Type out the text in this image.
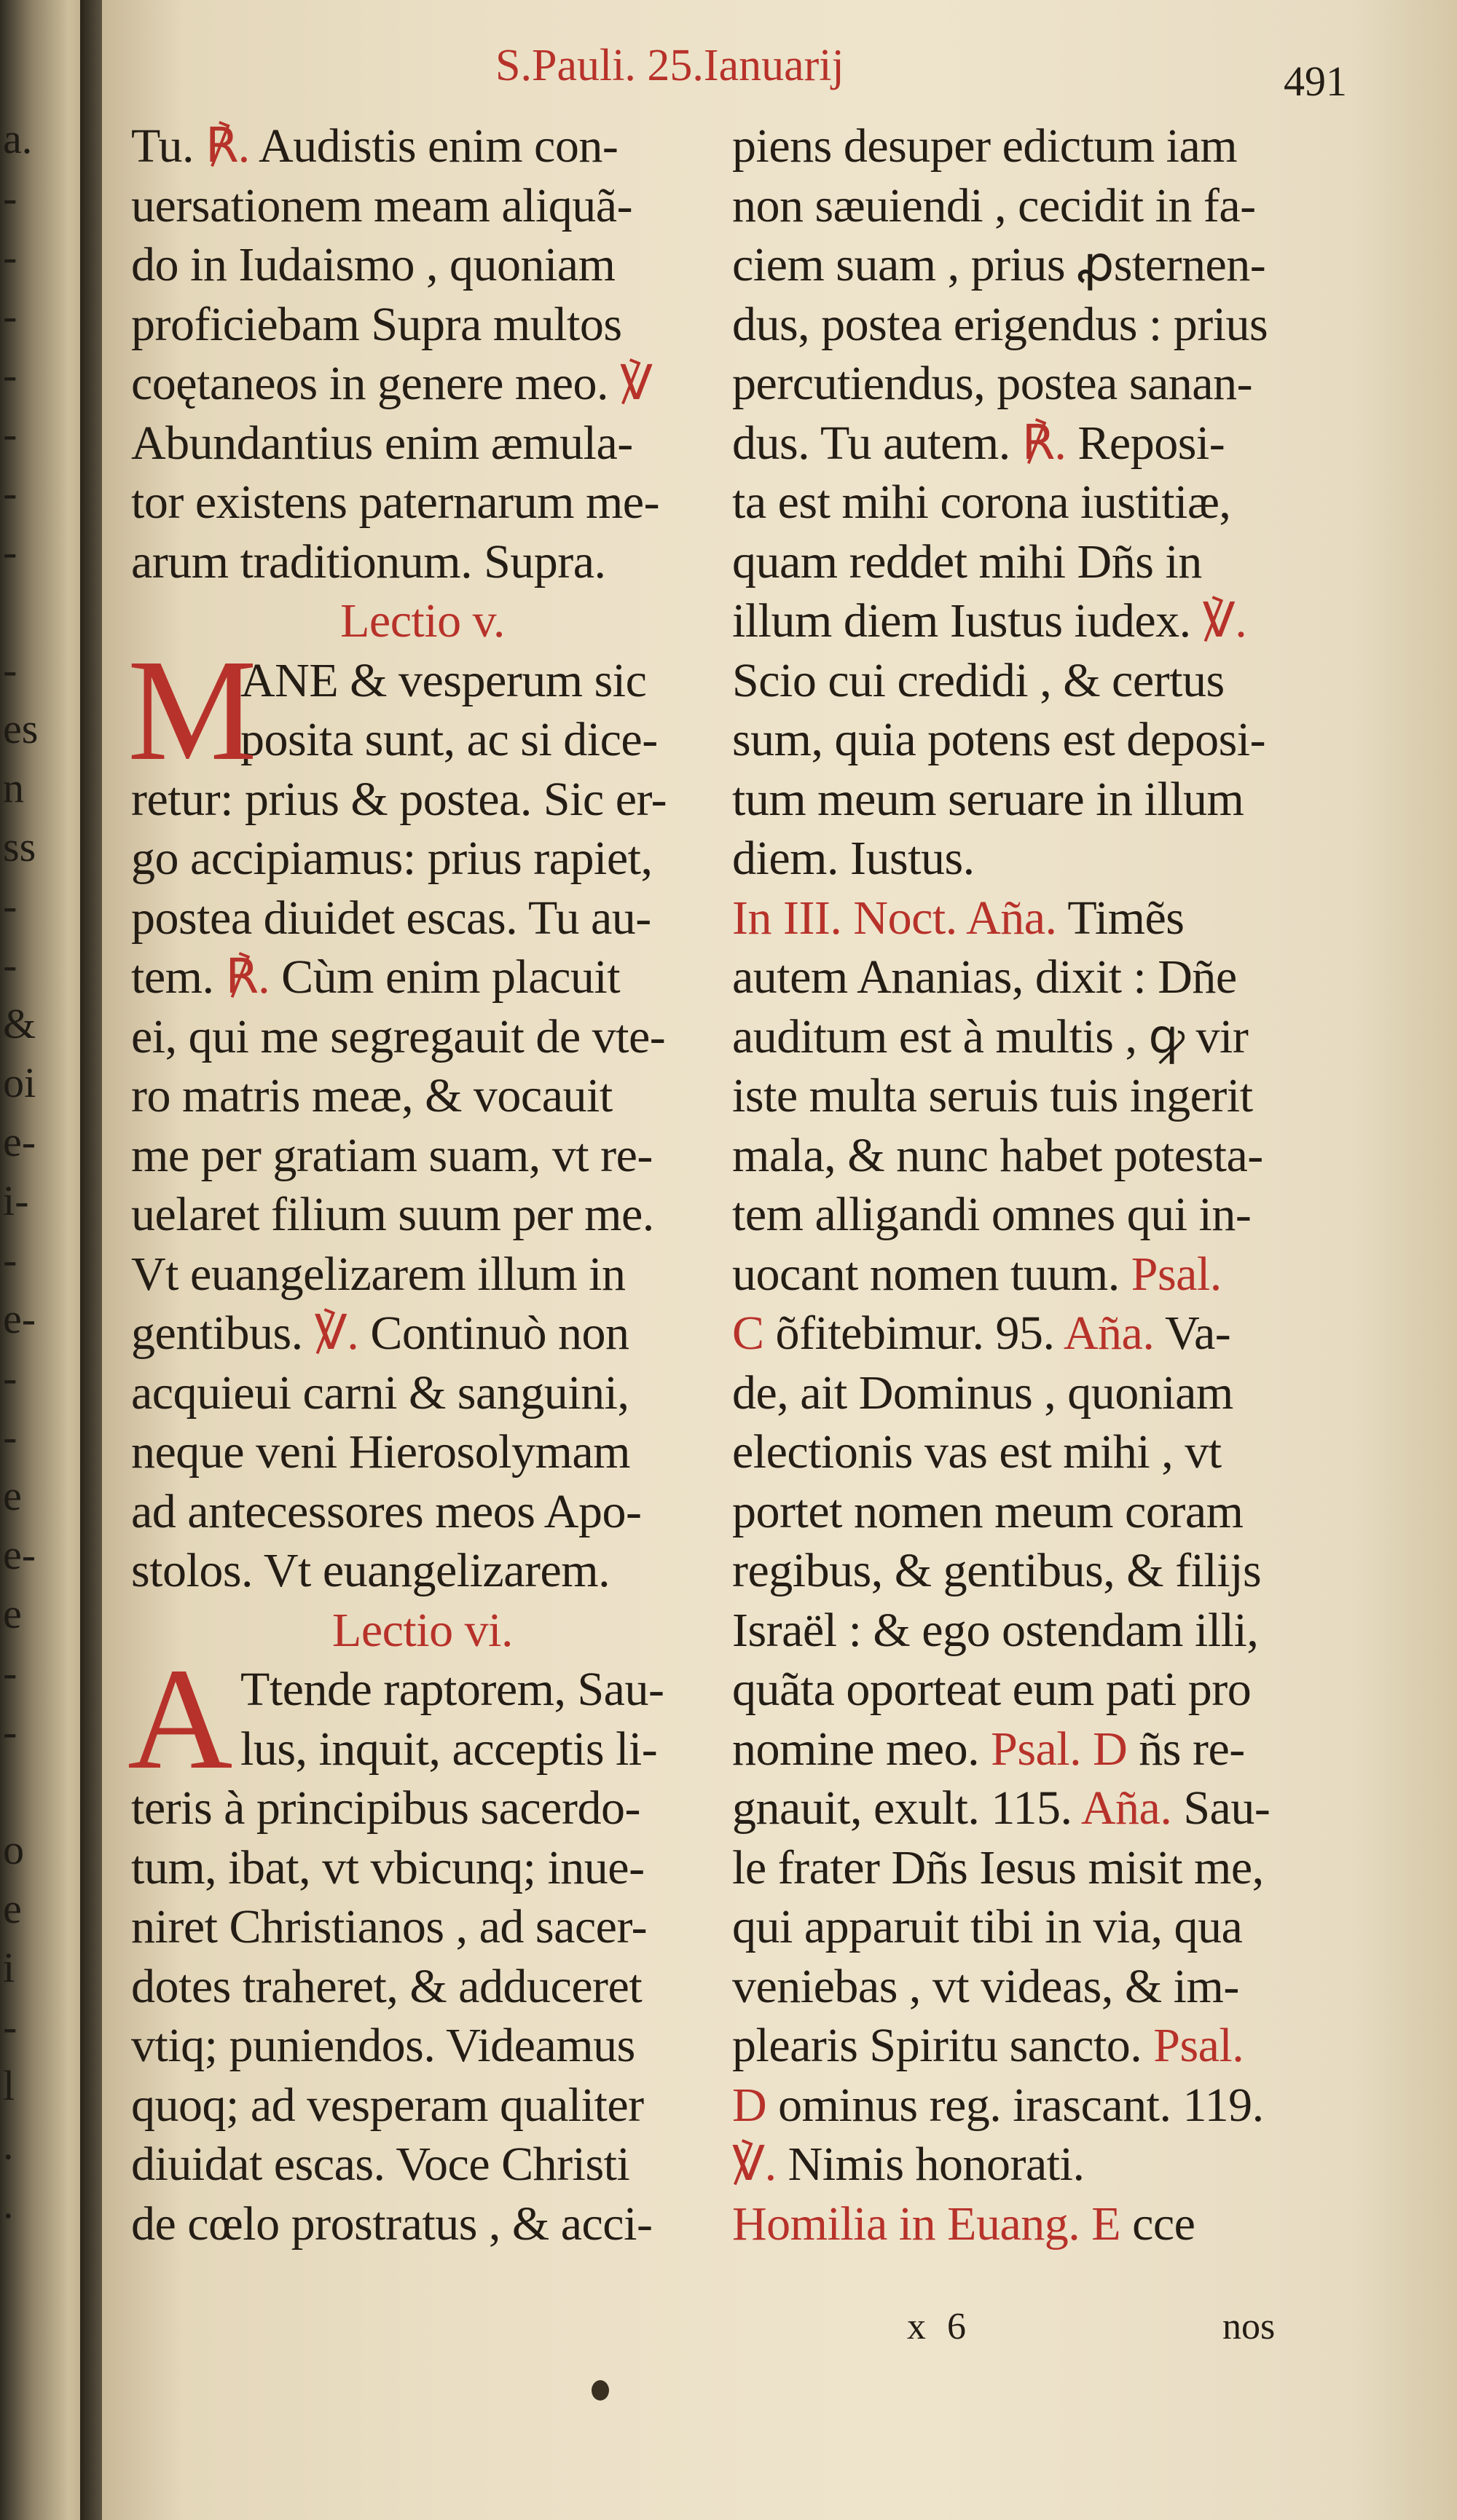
a.
-
-
-
-
-
-
-
-
es
n
ss
-
-
&
oi
e-
i-
-
e-
-
-
e
e-
e
-
-
o
e
i
-
l
.
.
S.Pauli. 25.Ianuarij	491
Tu. ℟. Audistis enim con-
uersationem meam aliquã-
do in Iudaismo , quoniam
proficiebam Supra multos
coętaneos in genere meo. ℣
Abundantius enim æmula-
tor existens paternarum me-
arum traditionum. Supra.
Lectio v.
M
ANE & vesperum sic
posita sunt, ac si dice-
retur: prius & postea. Sic er-
go accipiamus: prius rapiet,
postea diuidet escas. Tu au-
tem. ℟. Cùm enim placuit
ei, qui me segregauit de vte-
ro matris meæ, & vocauit
me per gratiam suam, vt re-
uelaret filium suum per me.
Vt euangelizarem illum in
gentibus. ℣. Continuò non
acquieui carni & sanguini,
neque veni Hierosolymam
ad antecessores meos Apo-
stolos. Vt euangelizarem.
Lectio vi.
A Ttende raptorem, Sau-
lus, inquit, acceptis li-
teris à principibus sacerdo-
tum, ibat, vt vbicunq; inue-
niret Christianos , ad sacer-
dotes traheret, & adduceret
vtiq; puniendos. Videamus
quoq; ad vesperam qualiter
diuidat escas. Voce Christi
de cœlo prostratus , & acci-
piens desuper edictum iam
non sæuiendi , cecidit in fa-
ciem suam , prius ꝓsternen-
dus, postea erigendus : prius
percutiendus, postea sanan-
dus. Tu autem. ℟. Reposi-
ta est mihi corona iustitiæ,
quam reddet mihi Dñs in
illum diem Iustus iudex. ℣.
Scio cui credidi , & certus
sum, quia potens est deposi-
tum meum seruare in illum
diem. Iustus.
In III. Noct. Aña. Timẽs
autem Ananias, dixit : Dñe
auditum est à multis , ꝙ vir
iste multa seruis tuis ingerit
mala, & nunc habet potesta-
tem alligandi omnes qui in-
uocant nomen tuum. Psal.
C õfitebimur. 95. Aña. Va-
de, ait Dominus , quoniam
electionis vas est mihi , vt
portet nomen meum coram
regibus, & gentibus, & filijs
Israël : & ego ostendam illi,
quãta oporteat eum pati pro
nomine meo. Psal. D ñs re-
gnauit, exult. 115. Aña. Sau-
le frater Dñs Iesus misit me,
qui apparuit tibi in via, qua
veniebas , vt videas, & im-
plearis Spiritu sancto. Psal.
D ominus reg. irascant. 119.
℣. Nimis honorati.
Homilia in Euang. E cce
x 6	nos
